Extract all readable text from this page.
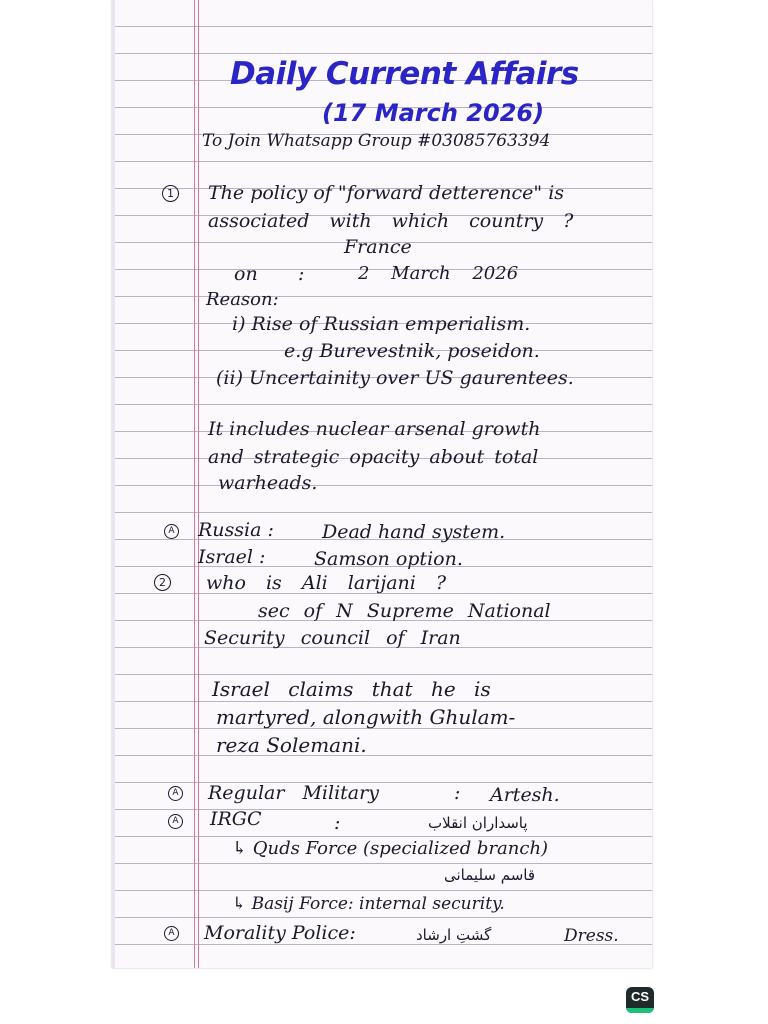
Daily Current Affairs
(17 March 2026)
To Join Whatsapp Group #03085763394
1 The policy of "forward detterence" is
associated with which country ?
France
on :	2 March 2026
Reason:
i) Rise of Russian emperialism.
e.g Burevestnik, poseidon.
(ii) Uncertainity over US gaurentees.
It includes nuclear arsenal growth
and strategic opacity about total
warheads.
A Russia :	Dead hand system.
Israel :	Samson option.
2 who is Ali larijani ?
sec of N Supreme National
Security council of Iran
Israel claims that he is
martyred, alongwith Ghulam-
reza Solemani.
A Regular Military	: Artesh.
A IRGC	:	پاسداران انقلاب
↳ Quds Force (specialized branch)
قاسم سلیمانی
↳ Basij Force: internal security.
A Morality Police:	گشتِ ارشاد	Dress.
CS
